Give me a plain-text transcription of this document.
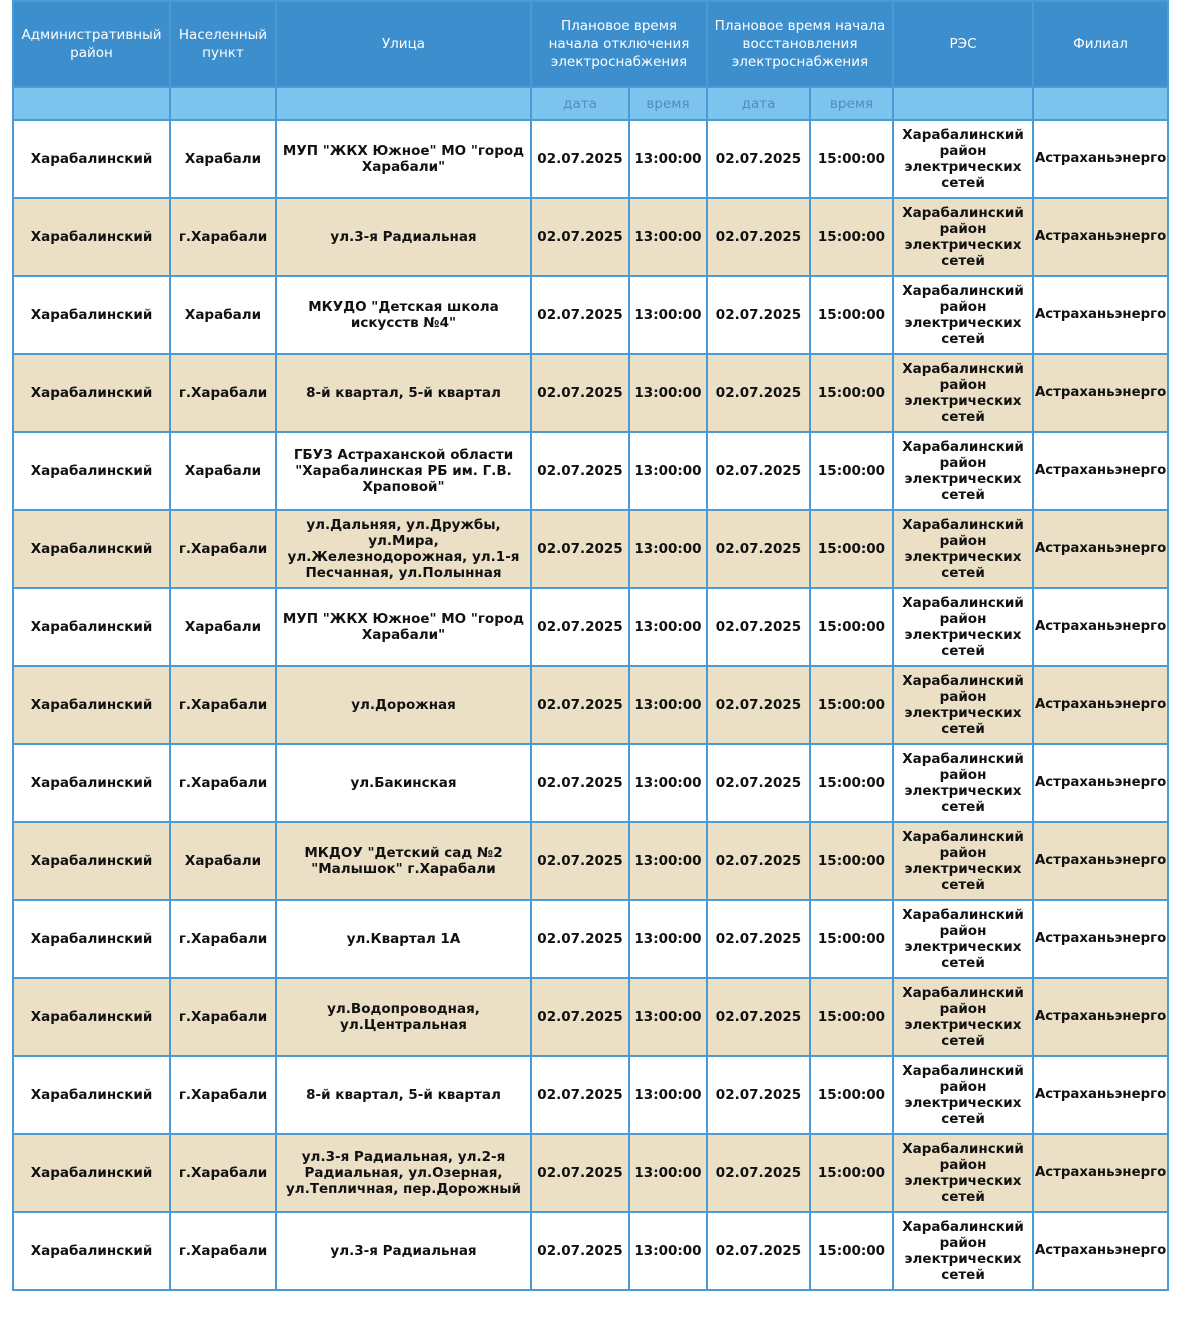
Административный район	Населенный пункт	Улица	Плановое время начала отключения электроснабжения		Плановое время начала восстановления электроснабжения		РЭС	Филиал
			дата	время	дата	время		
Харабалинский	Харабали	МУП "ЖКХ Южное" МО "город Харабали"	02.07.2025	13:00:00	02.07.2025	15:00:00	Харабалинский район электрических сетей	Астраханьэнерго
Харабалинский	г.Харабали	ул.3-я Радиальная	02.07.2025	13:00:00	02.07.2025	15:00:00	Харабалинский район электрических сетей	Астраханьэнерго
Харабалинский	Харабали	МКУДО "Детская школа искусств №4"	02.07.2025	13:00:00	02.07.2025	15:00:00	Харабалинский район электрических сетей	Астраханьэнерго
Харабалинский	г.Харабали	8-й квартал, 5-й квартал	02.07.2025	13:00:00	02.07.2025	15:00:00	Харабалинский район электрических сетей	Астраханьэнерго
Харабалинский	Харабали	ГБУЗ Астраханской области "Харабалинская РБ им. Г.В. Храповой"	02.07.2025	13:00:00	02.07.2025	15:00:00	Харабалинский район электрических сетей	Астраханьэнерго
Харабалинский	г.Харабали	ул.Дальняя, ул.Дружбы, ул.Мира, ул.Железнодорожная, ул.1-я Песчанная, ул.Полынная	02.07.2025	13:00:00	02.07.2025	15:00:00	Харабалинский район электрических сетей	Астраханьэнерго
Харабалинский	Харабали	МУП "ЖКХ Южное" МО "город Харабали"	02.07.2025	13:00:00	02.07.2025	15:00:00	Харабалинский район электрических сетей	Астраханьэнерго
Харабалинский	г.Харабали	ул.Дорожная	02.07.2025	13:00:00	02.07.2025	15:00:00	Харабалинский район электрических сетей	Астраханьэнерго
Харабалинский	г.Харабали	ул.Бакинская	02.07.2025	13:00:00	02.07.2025	15:00:00	Харабалинский район электрических сетей	Астраханьэнерго
Харабалинский	Харабали	МКДОУ "Детский сад №2 "Малышок" г.Харабали	02.07.2025	13:00:00	02.07.2025	15:00:00	Харабалинский район электрических сетей	Астраханьэнерго
Харабалинский	г.Харабали	ул.Квартал 1А	02.07.2025	13:00:00	02.07.2025	15:00:00	Харабалинский район электрических сетей	Астраханьэнерго
Харабалинский	г.Харабали	ул.Водопроводная, ул.Центральная	02.07.2025	13:00:00	02.07.2025	15:00:00	Харабалинский район электрических сетей	Астраханьэнерго
Харабалинский	г.Харабали	8-й квартал, 5-й квартал	02.07.2025	13:00:00	02.07.2025	15:00:00	Харабалинский район электрических сетей	Астраханьэнерго
Харабалинский	г.Харабали	ул.3-я Радиальная, ул.2-я Радиальная, ул.Озерная, ул.Тепличная, пер.Дорожный	02.07.2025	13:00:00	02.07.2025	15:00:00	Харабалинский район электрических сетей	Астраханьэнерго
Харабалинский	г.Харабали	ул.3-я Радиальная	02.07.2025	13:00:00	02.07.2025	15:00:00	Харабалинский район электрических сетей	Астраханьэнерго
